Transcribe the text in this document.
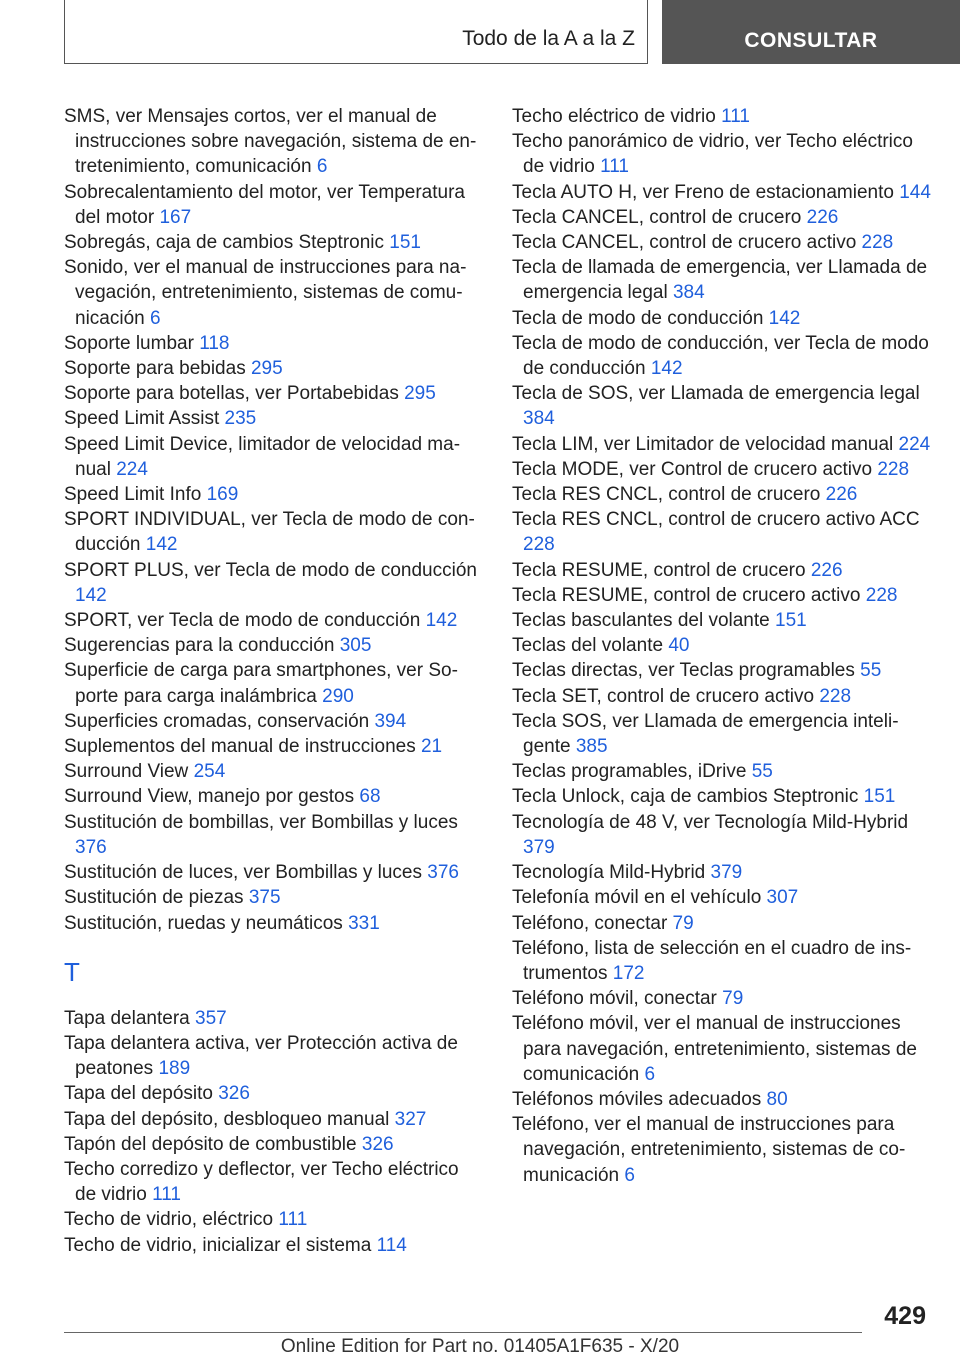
Todo de la A a la Z	CONSULTAR
SMS, ver Mensajes cortos, ver el manual de instrucciones sobre navegación, sistema de entretenimiento, comunicación 6
Sobrecalentamiento del motor, ver Temperatura del motor 167
Sobregás, caja de cambios Steptronic 151
Sonido, ver el manual de instrucciones para navegación, entretenimiento, sistemas de comunicación 6
Soporte lumbar 118
Soporte para bebidas 295
Soporte para botellas, ver Portabebidas 295
Speed Limit Assist 235
Speed Limit Device, limitador de velocidad manual 224
Speed Limit Info 169
SPORT INDIVIDUAL, ver Tecla de modo de conducción 142
SPORT PLUS, ver Tecla de modo de conducción 142
SPORT, ver Tecla de modo de conducción 142
Sugerencias para la conducción 305
Superficie de carga para smartphones, ver Soporte para carga inalámbrica 290
Superficies cromadas, conservación 394
Suplementos del manual de instrucciones 21
Surround View 254
Surround View, manejo por gestos 68
Sustitución de bombillas, ver Bombillas y luces 376
Sustitución de luces, ver Bombillas y luces 376
Sustitución de piezas 375
Sustitución, ruedas y neumáticos 331
T
Tapa delantera 357
Tapa delantera activa, ver Protección activa de peatones 189
Tapa del depósito 326
Tapa del depósito, desbloqueo manual 327
Tapón del depósito de combustible 326
Techo corredizo y deflector, ver Techo eléctrico de vidrio 111
Techo de vidrio, eléctrico 111
Techo de vidrio, inicializar el sistema 114
Techo eléctrico de vidrio 111
Techo panorámico de vidrio, ver Techo eléctrico de vidrio 111
Tecla AUTO H, ver Freno de estacionamiento 144
Tecla CANCEL, control de crucero 226
Tecla CANCEL, control de crucero activo 228
Tecla de llamada de emergencia, ver Llamada de emergencia legal 384
Tecla de modo de conducción 142
Tecla de modo de conducción, ver Tecla de modo de conducción 142
Tecla de SOS, ver Llamada de emergencia legal 384
Tecla LIM, ver Limitador de velocidad manual 224
Tecla MODE, ver Control de crucero activo 228
Tecla RES CNCL, control de crucero 226
Tecla RES CNCL, control de crucero activo ACC 228
Tecla RESUME, control de crucero 226
Tecla RESUME, control de crucero activo 228
Teclas basculantes del volante 151
Teclas del volante 40
Teclas directas, ver Teclas programables 55
Tecla SET, control de crucero activo 228
Tecla SOS, ver Llamada de emergencia inteligente 385
Teclas programables, iDrive 55
Tecla Unlock, caja de cambios Steptronic 151
Tecnología de 48 V, ver Tecnología Mild-Hybrid 379
Tecnología Mild-Hybrid 379
Telefonía móvil en el vehículo 307
Teléfono, conectar 79
Teléfono, lista de selección en el cuadro de instrumentos 172
Teléfono móvil, conectar 79
Teléfono móvil, ver el manual de instrucciones para navegación, entretenimiento, sistemas de comunicación 6
Teléfonos móviles adecuados 80
Teléfono, ver el manual de instrucciones para navegación, entretenimiento, sistemas de comunicación 6
429
Online Edition for Part no. 01405A1F635 - X/20
